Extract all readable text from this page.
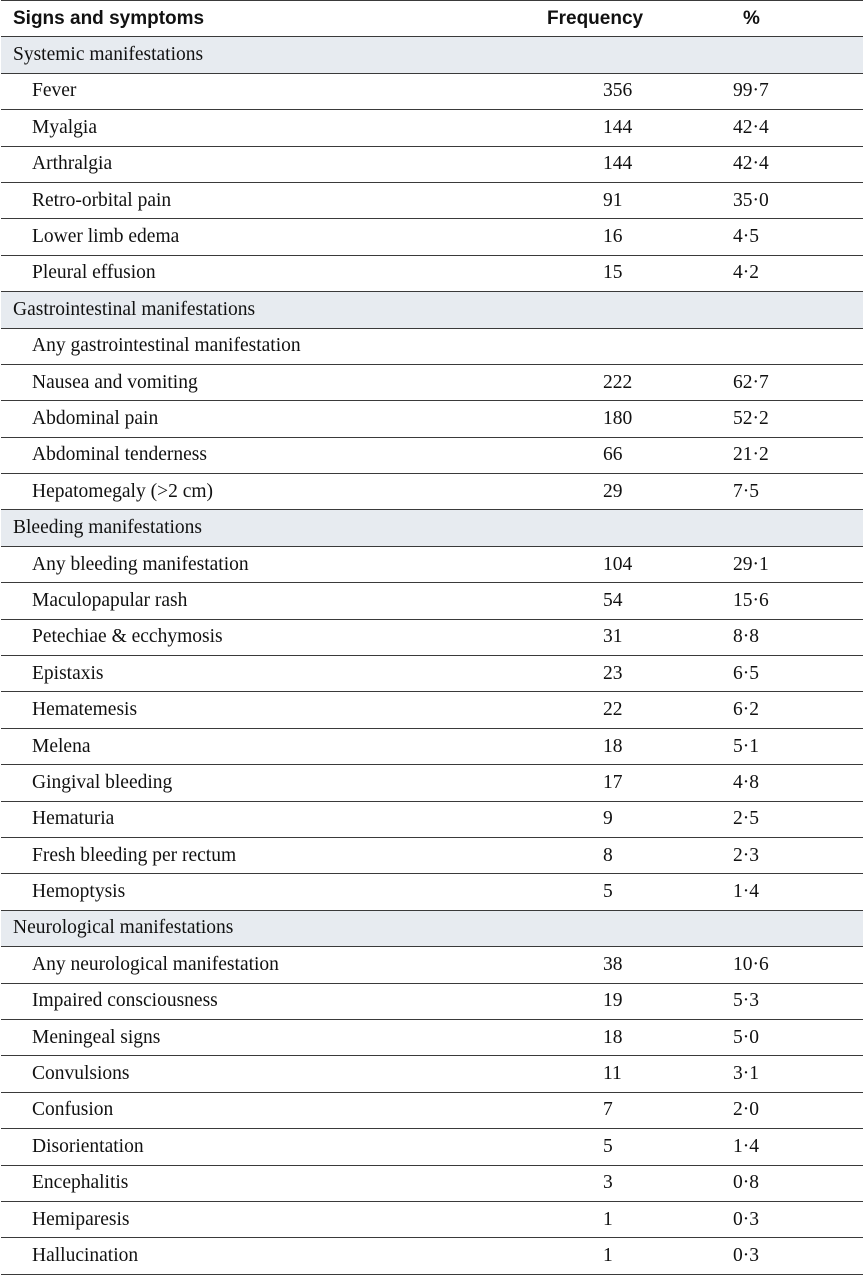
Signs and symptoms	Frequency	%
Systemic manifestations		
Fever	356	99·7
Myalgia	144	42·4
Arthralgia	144	42·4
Retro-orbital pain	91	35·0
Lower limb edema	16	4·5
Pleural effusion	15	4·2
Gastrointestinal manifestations		
Any gastrointestinal manifestation		
Nausea and vomiting	222	62·7
Abdominal pain	180	52·2
Abdominal tenderness	66	21·2
Hepatomegaly (>2 cm)	29	7·5
Bleeding manifestations		
Any bleeding manifestation	104	29·1
Maculopapular rash	54	15·6
Petechiae & ecchymosis	31	8·8
Epistaxis	23	6·5
Hematemesis	22	6·2
Melena	18	5·1
Gingival bleeding	17	4·8
Hematuria	9	2·5
Fresh bleeding per rectum	8	2·3
Hemoptysis	5	1·4
Neurological manifestations		
Any neurological manifestation	38	10·6
Impaired consciousness	19	5·3
Meningeal signs	18	5·0
Convulsions	11	3·1
Confusion	7	2·0
Disorientation	5	1·4
Encephalitis	3	0·8
Hemiparesis	1	0·3
Hallucination	1	0·3
